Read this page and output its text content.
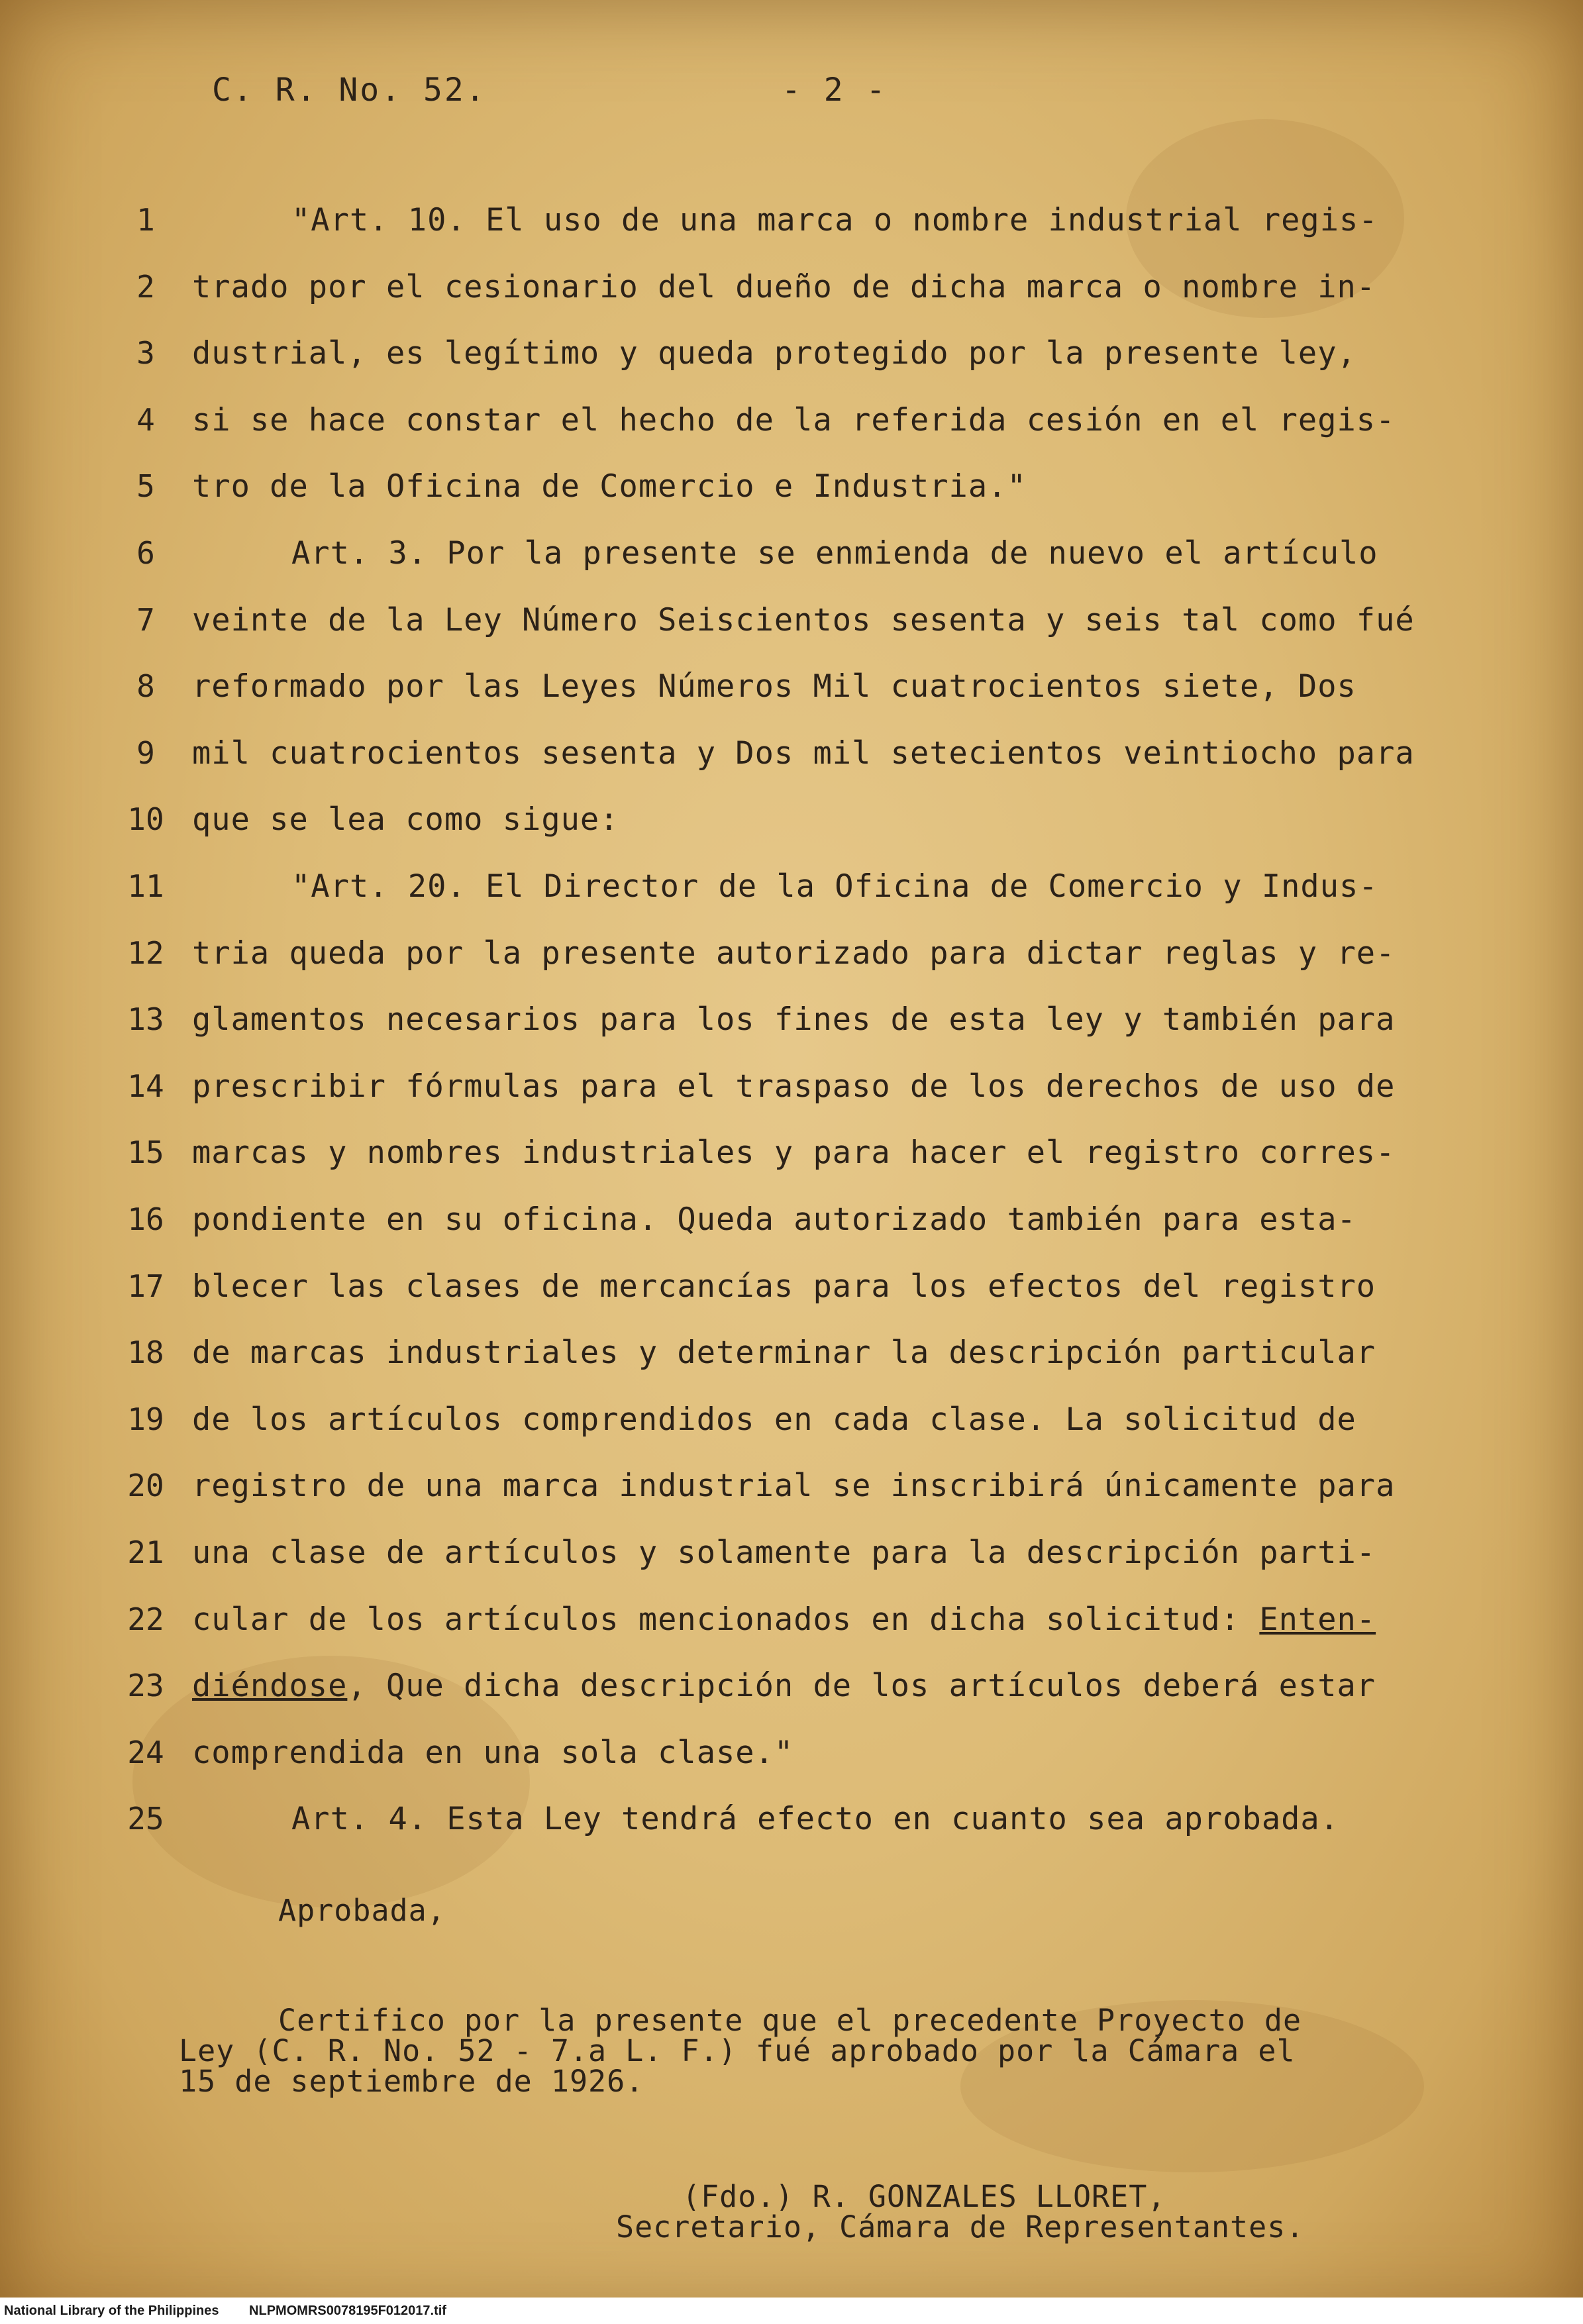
C. R. No. 52.	- 2 -
1	"Art. 10. El uso de una marca o nombre industrial regis-
2	trado por el cesionario del dueño de dicha marca o nombre in-
3	dustrial, es legítimo y queda protegido por la presente ley,
4	si se hace constar el hecho de la referida cesión en el regis-
5	tro de la Oficina de Comercio e Industria."
6	Art. 3. Por la presente se enmienda de nuevo el artículo
7	veinte de la Ley Número Seiscientos sesenta y seis tal como fué
8	reformado por las Leyes Números Mil cuatrocientos siete, Dos
9	mil cuatrocientos sesenta y Dos mil setecientos veintiocho para
10 que se lea como sigue:
11	"Art. 20. El Director de la Oficina de Comercio y Indus-
12 tria queda por la presente autorizado para dictar reglas y re-
13 glamentos necesarios para los fines de esta ley y también para
14 prescribir fórmulas para el traspaso de los derechos de uso de
15 marcas y nombres industriales y para hacer el registro corres-
16 pondiente en su oficina. Queda autorizado también para esta-
17 blecer las clases de mercancías para los efectos del registro
18 de marcas industriales y determinar la descripción particular
19 de los artículos comprendidos en cada clase. La solicitud de
20 registro de una marca industrial se inscribirá únicamente para
21 una clase de artículos y solamente para la descripción parti-
22 cular de los artículos mencionados en dicha solicitud: Enten-
23 diéndose, Que dicha descripción de los artículos deberá estar
24 comprendida en una sola clase."
25	Art. 4. Esta Ley tendrá efecto en cuanto sea aprobada.
Aprobada,
Certifico por la presente que el precedente Proyecto de
Ley (C. R. No. 52 - 7.a L. F.) fué aprobado por la Cámara el
15 de septiembre de 1926.
(Fdo.) R. GONZALES LLORET,
Secretario, Cámara de Representantes.
National Library of the Philippines NLPMOMRS0078195F012017.tif
